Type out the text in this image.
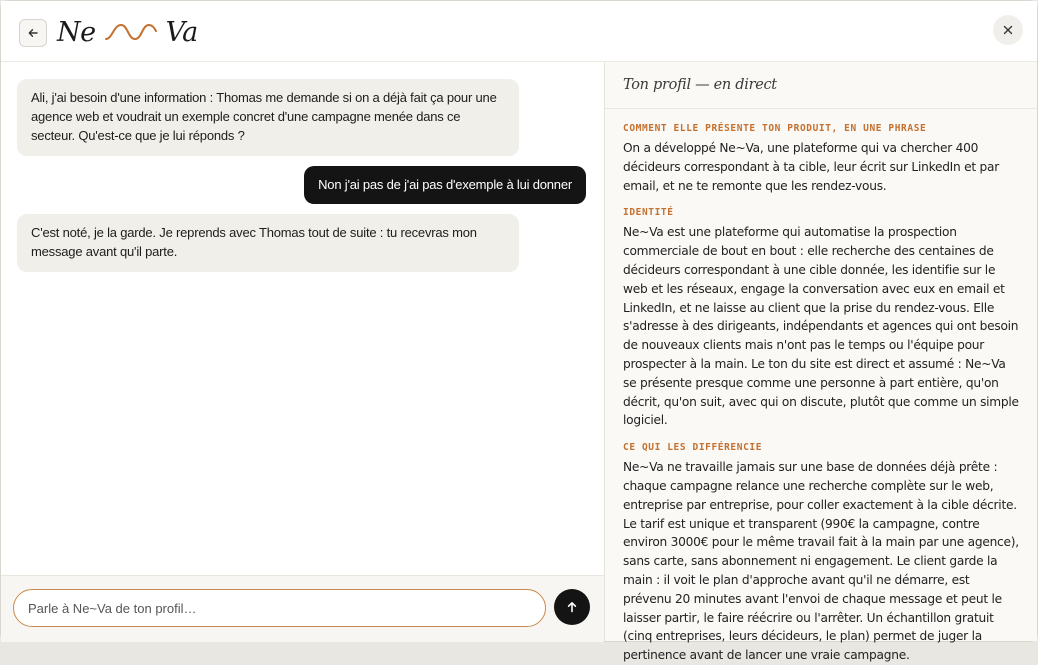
Ne	Va
Ali, j'ai besoin d'une information : Thomas me demande si on a déjà fait ça pour une agence web et voudrait un exemple concret d'une campagne menée dans ce secteur. Qu'est-ce que je lui réponds ?
Non j'ai pas de j'ai pas d'exemple à lui donner
C'est noté, je la garde. Je reprends avec Thomas tout de suite : tu recevras mon message avant qu'il parte.
Parle à Ne~Va de ton profil…
Ton profil — en direct
COMMENT ELLE PRÉSENTE TON PRODUIT, EN UNE PHRASE
On a développé Ne~Va, une plateforme qui va chercher 400 décideurs correspondant à ta cible, leur écrit sur LinkedIn et par email, et ne te remonte que les rendez-vous.
IDENTITÉ
Ne~Va est une plateforme qui automatise la prospection commerciale de bout en bout : elle recherche des centaines de décideurs correspondant à une cible donnée, les identifie sur le web et les réseaux, engage la conversation avec eux en email et LinkedIn, et ne laisse au client que la prise du rendez-vous. Elle s'adresse à des dirigeants, indépendants et agences qui ont besoin de nouveaux clients mais n'ont pas le temps ou l'équipe pour prospecter à la main. Le ton du site est direct et assumé : Ne~Va se présente presque comme une personne à part entière, qu'on décrit, qu'on suit, avec qui on discute, plutôt que comme un simple logiciel.
CE QUI LES DIFFÉRENCIE
Ne~Va ne travaille jamais sur une base de données déjà prête : chaque campagne relance une recherche complète sur le web, entreprise par entreprise, pour coller exactement à la cible décrite. Le tarif est unique et transparent (990€ la campagne, contre environ 3000€ pour le même travail fait à la main par une agence), sans carte, sans abonnement ni engagement. Le client garde la main : il voit le plan d'approche avant qu'il ne démarre, est prévenu 20 minutes avant l'envoi de chaque message et peut le laisser partir, le faire réécrire ou l'arrêter. Un échantillon gratuit (cinq entreprises, leurs décideurs, le plan) permet de juger la pertinence avant de lancer une vraie campagne.
